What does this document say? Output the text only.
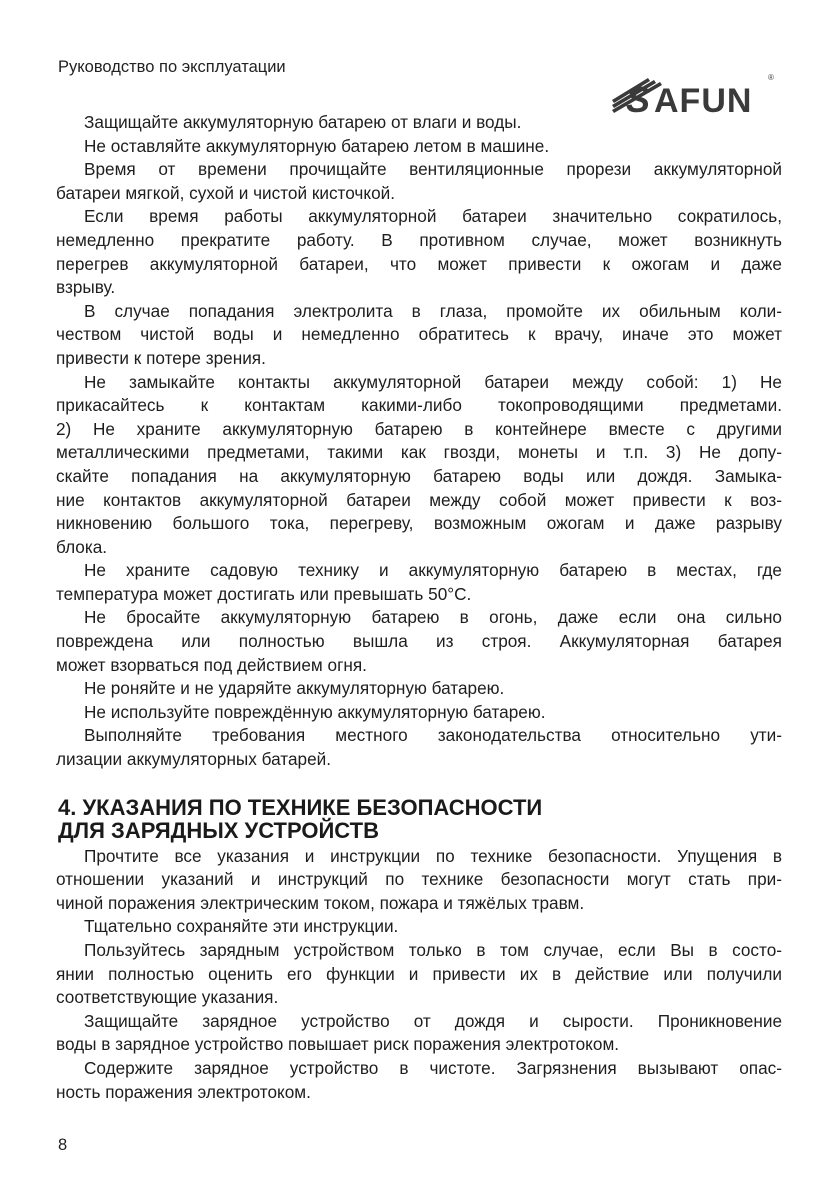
Руководство по эксплуатации
S AFUN
®
Защищайте аккумуляторную батарею от влаги и воды.
Не оставляйте аккумуляторную батарею летом в машине.
Время от времени прочищайте вентиляционные прорези аккумуляторной
батареи мягкой, сухой и чистой кисточкой.
Если время работы аккумуляторной батареи значительно сократилось,
немедленно прекратите работу. В противном случае, может возникнуть
перегрев аккумуляторной батареи, что может привести к ожогам и даже
взрыву.
В случае попадания электролита в глаза, промойте их обильным коли-
чеством чистой воды и немедленно обратитесь к врачу, иначе это может
привести к потере зрения.
Не замыкайте контакты аккумуляторной батареи между собой: 1) Не
прикасайтесь к контактам какими-либо токопроводящими предметами.
2) Не храните аккумуляторную батарею в контейнере вместе с другими
металлическими предметами, такими как гвозди, монеты и т.п. 3) Не допу-
скайте попадания на аккумуляторную батарею воды или дождя. Замыка-
ние контактов аккумуляторной батареи между собой может привести к воз-
никновению большого тока, перегреву, возможным ожогам и даже разрыву
блока.
Не храните садовую технику и аккумуляторную батарею в местах, где
температура может достигать или превышать 50°С.
Не бросайте аккумуляторную батарею в огонь, даже если она сильно
повреждена или полностью вышла из строя. Аккумуляторная батарея
может взорваться под действием огня.
Не роняйте и не ударяйте аккумуляторную батарею.
Не используйте повреждённую аккумуляторную батарею.
Выполняйте требования местного законодательства относительно ути-
лизации аккумуляторных батарей.
4. УКАЗАНИЯ ПО ТЕХНИКЕ БЕЗОПАСНОСТИ
ДЛЯ ЗАРЯДНЫХ УСТРОЙСТВ
Прочтите все указания и инструкции по технике безопасности. Упущения в
отношении указаний и инструкций по технике безопасности могут стать при-
чиной поражения электрическим током, пожара и тяжёлых травм.
Тщательно сохраняйте эти инструкции.
Пользуйтесь зарядным устройством только в том случае, если Вы в состо-
янии полностью оценить его функции и привести их в действие или получили
соответствующие указания.
Защищайте зарядное устройство от дождя и сырости. Проникновение
воды в зарядное устройство повышает риск поражения электротоком.
Содержите зарядное устройство в чистоте. Загрязнения вызывают опас-
ность поражения электротоком.
8
